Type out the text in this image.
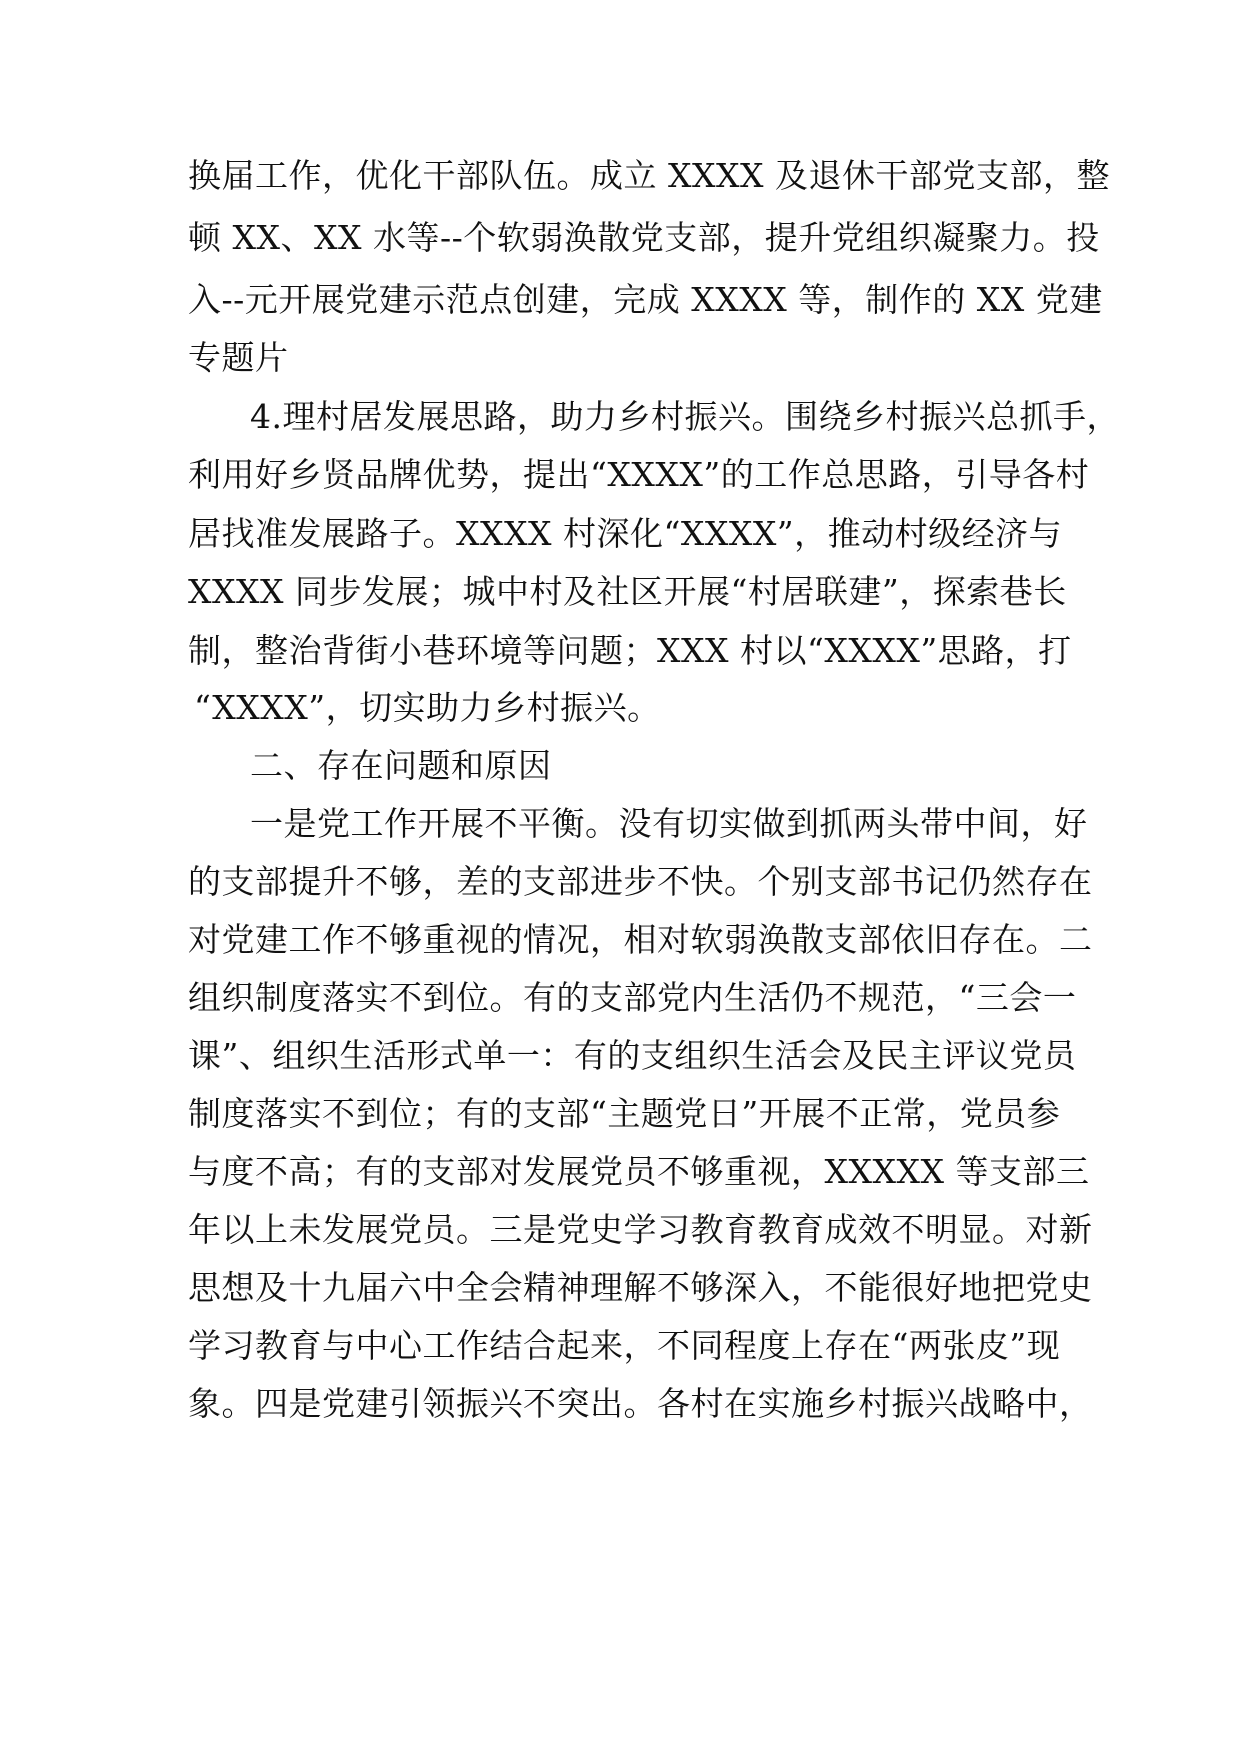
换届工作，优化干部队伍。成立 XXXX 及退休干部党支部，整
顿 XX、XX 水等--个软弱涣散党支部，提升党组织凝聚力。投
入--元开展党建示范点创建，完成 XXXX 等，制作的 XX 党建
专题片
4.理村居发展思路，助力乡村振兴。围绕乡村振兴总抓手，
利用好乡贤品牌优势，提出“XXXX”的工作总思路，引导各村
居找准发展路子。XXXX 村深化“XXXX”，推动村级经济与
XXXX 同步发展；城中村及社区开展“村居联建”，探索巷长
制，整治背街小巷环境等问题；XXX 村以“XXXX”思路，打
“XXXX”，切实助力乡村振兴。
二、存在问题和原因
一是党工作开展不平衡。没有切实做到抓两头带中间，好
的支部提升不够，差的支部进步不快。个别支部书记仍然存在
对党建工作不够重视的情况，相对软弱涣散支部依旧存在。二
组织制度落实不到位。有的支部党内生活仍不规范，“三会一
课”、组织生活形式单一：有的支组织生活会及民主评议党员
制度落实不到位；有的支部“主题党日”开展不正常，党员参
与度不高；有的支部对发展党员不够重视，XXXXX 等支部三
年以上未发展党员。三是党史学习教育教育成效不明显。对新
思想及十九届六中全会精神理解不够深入，不能很好地把党史
学习教育与中心工作结合起来，不同程度上存在“两张皮”现
象。四是党建引领振兴不突出。各村在实施乡村振兴战略中，
